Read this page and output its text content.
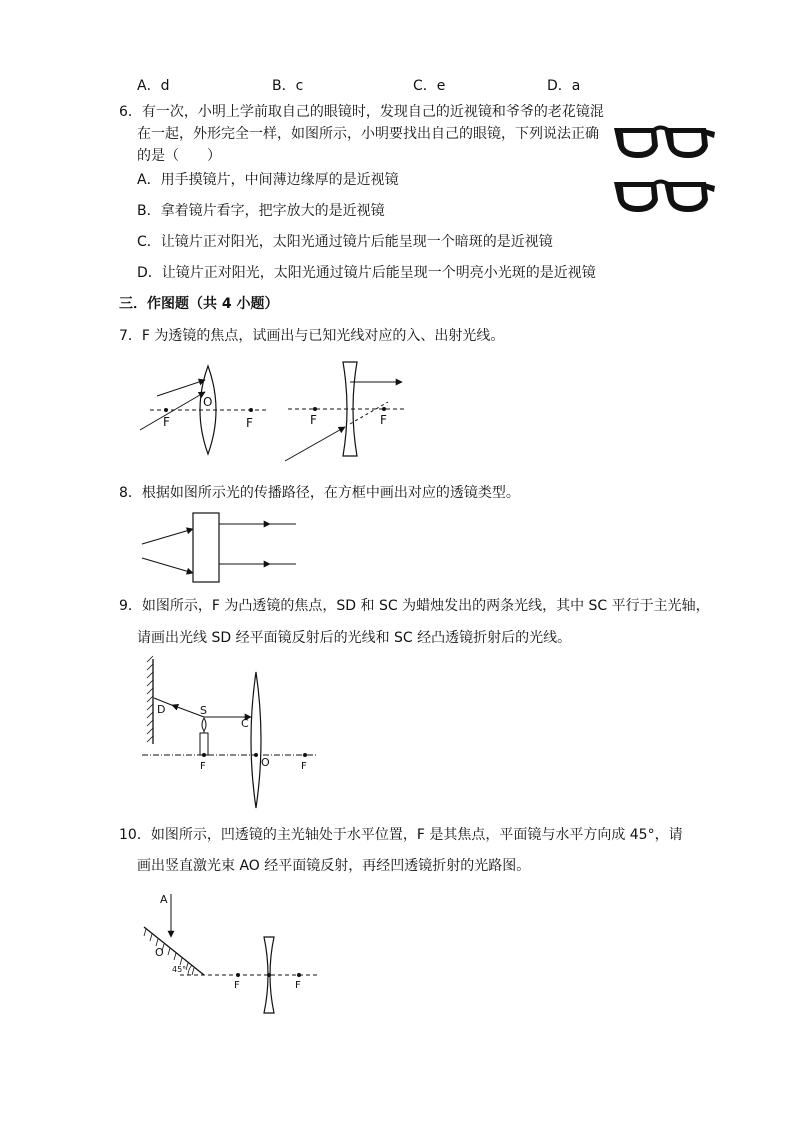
A．d	B．c	C．e	D．a
6．有一次，小明上学前取自己的眼镜时，发现自己的近视镜和爷爷的老花镜混
在一起，外形完全一样，如图所示，小明要找出自己的眼镜，下列说法正确
的是（　　）
A．用手摸镜片，中间薄边缘厚的是近视镜
B．拿着镜片看字，把字放大的是近视镜
C．让镜片正对阳光，太阳光通过镜片后能呈现一个暗斑的是近视镜
D．让镜片正对阳光，太阳光通过镜片后能呈现一个明亮小光斑的是近视镜
三．作图题（共 4 小题）
7．F 为透镜的焦点，试画出与已知光线对应的入、出射光线。
F
O
F	F	F
8．根据如图所示光的传播路径，在方框中画出对应的透镜类型。
9．如图所示，F 为凸透镜的焦点，SD 和 SC 为蜡烛发出的两条光线，其中 SC 平行于主光轴，
请画出光线 SD 经平面镜反射后的光线和 SC 经凸透镜折射后的光线。
D	S
C
F	O	F
10．如图所示，凹透镜的主光轴处于水平位置，F 是其焦点，平面镜与水平方向成 45°，请
画出竖直激光束 AO 经平面镜反射，再经凹透镜折射的光路图。
A
O
45°
F	F
